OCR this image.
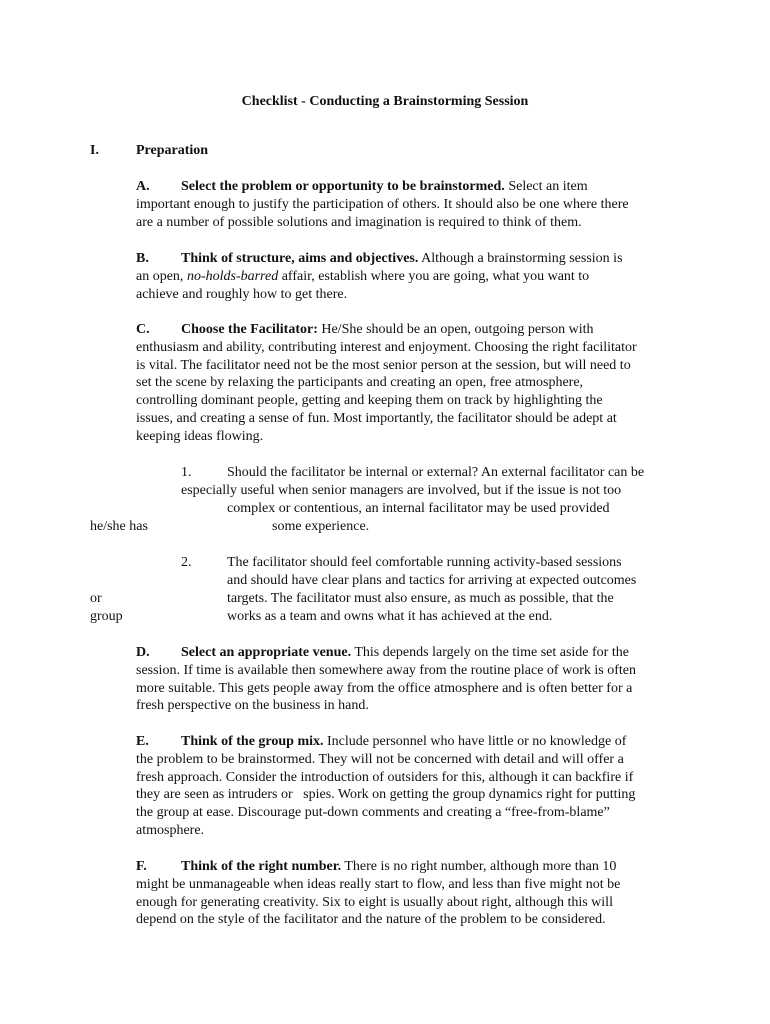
Checklist - Conducting a Brainstorming Session
I.	Preparation
A. Select the problem or opportunity to be brainstormed. Select an item
important enough to justify the participation of others. It should also be one where there
are a number of possible solutions and imagination is required to think of them.
B. Think of structure, aims and objectives. Although a brainstorming session is
an open, no-holds-barred affair, establish where you are going, what you want to
achieve and roughly how to get there.
C. Choose the Facilitator: He/She should be an open, outgoing person with
enthusiasm and ability, contributing interest and enjoyment. Choosing the right facilitator
is vital. The facilitator need not be the most senior person at the session, but will need to
set the scene by relaxing the participants and creating an open, free atmosphere,
controlling dominant people, getting and keeping them on track by highlighting the
issues, and creating a sense of fun. Most importantly, the facilitator should be adept at
keeping ideas flowing.
1.	Should the facilitator be internal or external? An external facilitator can be
especially useful when senior managers are involved, but if the issue is not too
complex or contentious, an internal facilitator may be used provided
he/she has	some experience.
2.	The facilitator should feel comfortable running activity-based sessions
and should have clear plans and tactics for arriving at expected outcomes
or	targets. The facilitator must also ensure, as much as possible, that the
group	works as a team and owns what it has achieved at the end.
D. Select an appropriate venue. This depends largely on the time set aside for the
session. If time is available then somewhere away from the routine place of work is often
more suitable. This gets people away from the office atmosphere and is often better for a
fresh perspective on the business in hand.
E. Think of the group mix. Include personnel who have little or no knowledge of
the problem to be brainstormed. They will not be concerned with detail and will offer a
fresh approach. Consider the introduction of outsiders for this, although it can backfire if
they are seen as intruders or   spies. Work on getting the group dynamics right for putting
the group at ease. Discourage put-down comments and creating a “free-from-blame”
atmosphere.
F. Think of the right number. There is no right number, although more than 10
might be unmanageable when ideas really start to flow, and less than five might not be
enough for generating creativity. Six to eight is usually about right, although this will
depend on the style of the facilitator and the nature of the problem to be considered.
